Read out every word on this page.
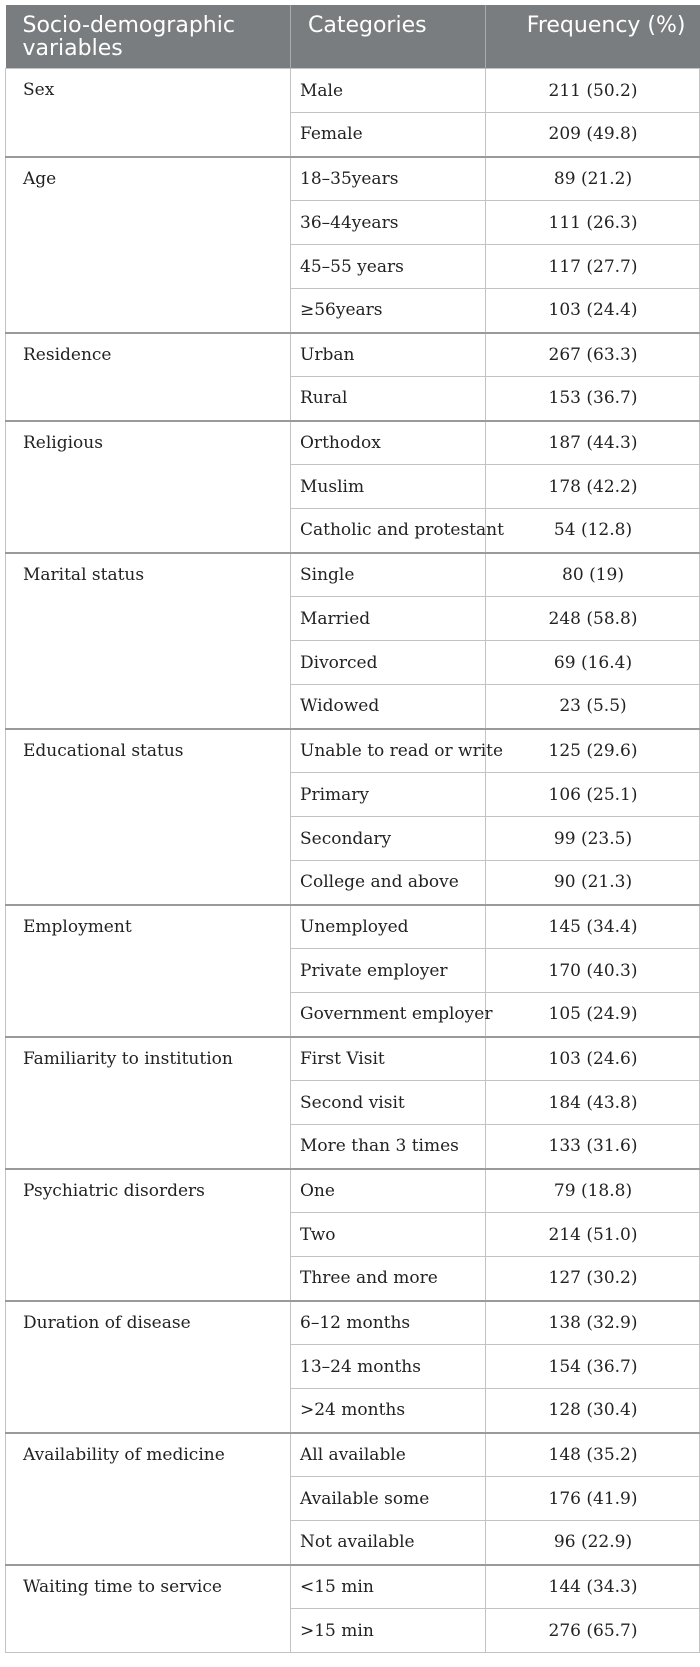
Socio-demographic variables	Categories	Frequency (%)
Sex	Male	211 (50.2)
	Female	209 (49.8)
Age	18–35years	89 (21.2)
	36–44years	111 (26.3)
	45–55 years	117 (27.7)
	≥56years	103 (24.4)
Residence	Urban	267 (63.3)
	Rural	153 (36.7)
Religious	Orthodox	187 (44.3)
	Muslim	178 (42.2)
	Catholic and protestant	54 (12.8)
Marital status	Single	80 (19)
	Married	248 (58.8)
	Divorced	69 (16.4)
	Widowed	23 (5.5)
Educational status	Unable to read or write	125 (29.6)
	Primary	106 (25.1)
	Secondary	99 (23.5)
	College and above	90 (21.3)
Employment	Unemployed	145 (34.4)
	Private employer	170 (40.3)
	Government employer	105 (24.9)
Familiarity to institution	First Visit	103 (24.6)
	Second visit	184 (43.8)
	More than 3 times	133 (31.6)
Psychiatric disorders	One	79 (18.8)
	Two	214 (51.0)
	Three and more	127 (30.2)
Duration of disease	6–12 months	138 (32.9)
	13–24 months	154 (36.7)
	>24 months	128 (30.4)
Availability of medicine	All available	148 (35.2)
	Available some	176 (41.9)
	Not available	96 (22.9)
Waiting time to service	<15 min	144 (34.3)
	>15 min	276 (65.7)
